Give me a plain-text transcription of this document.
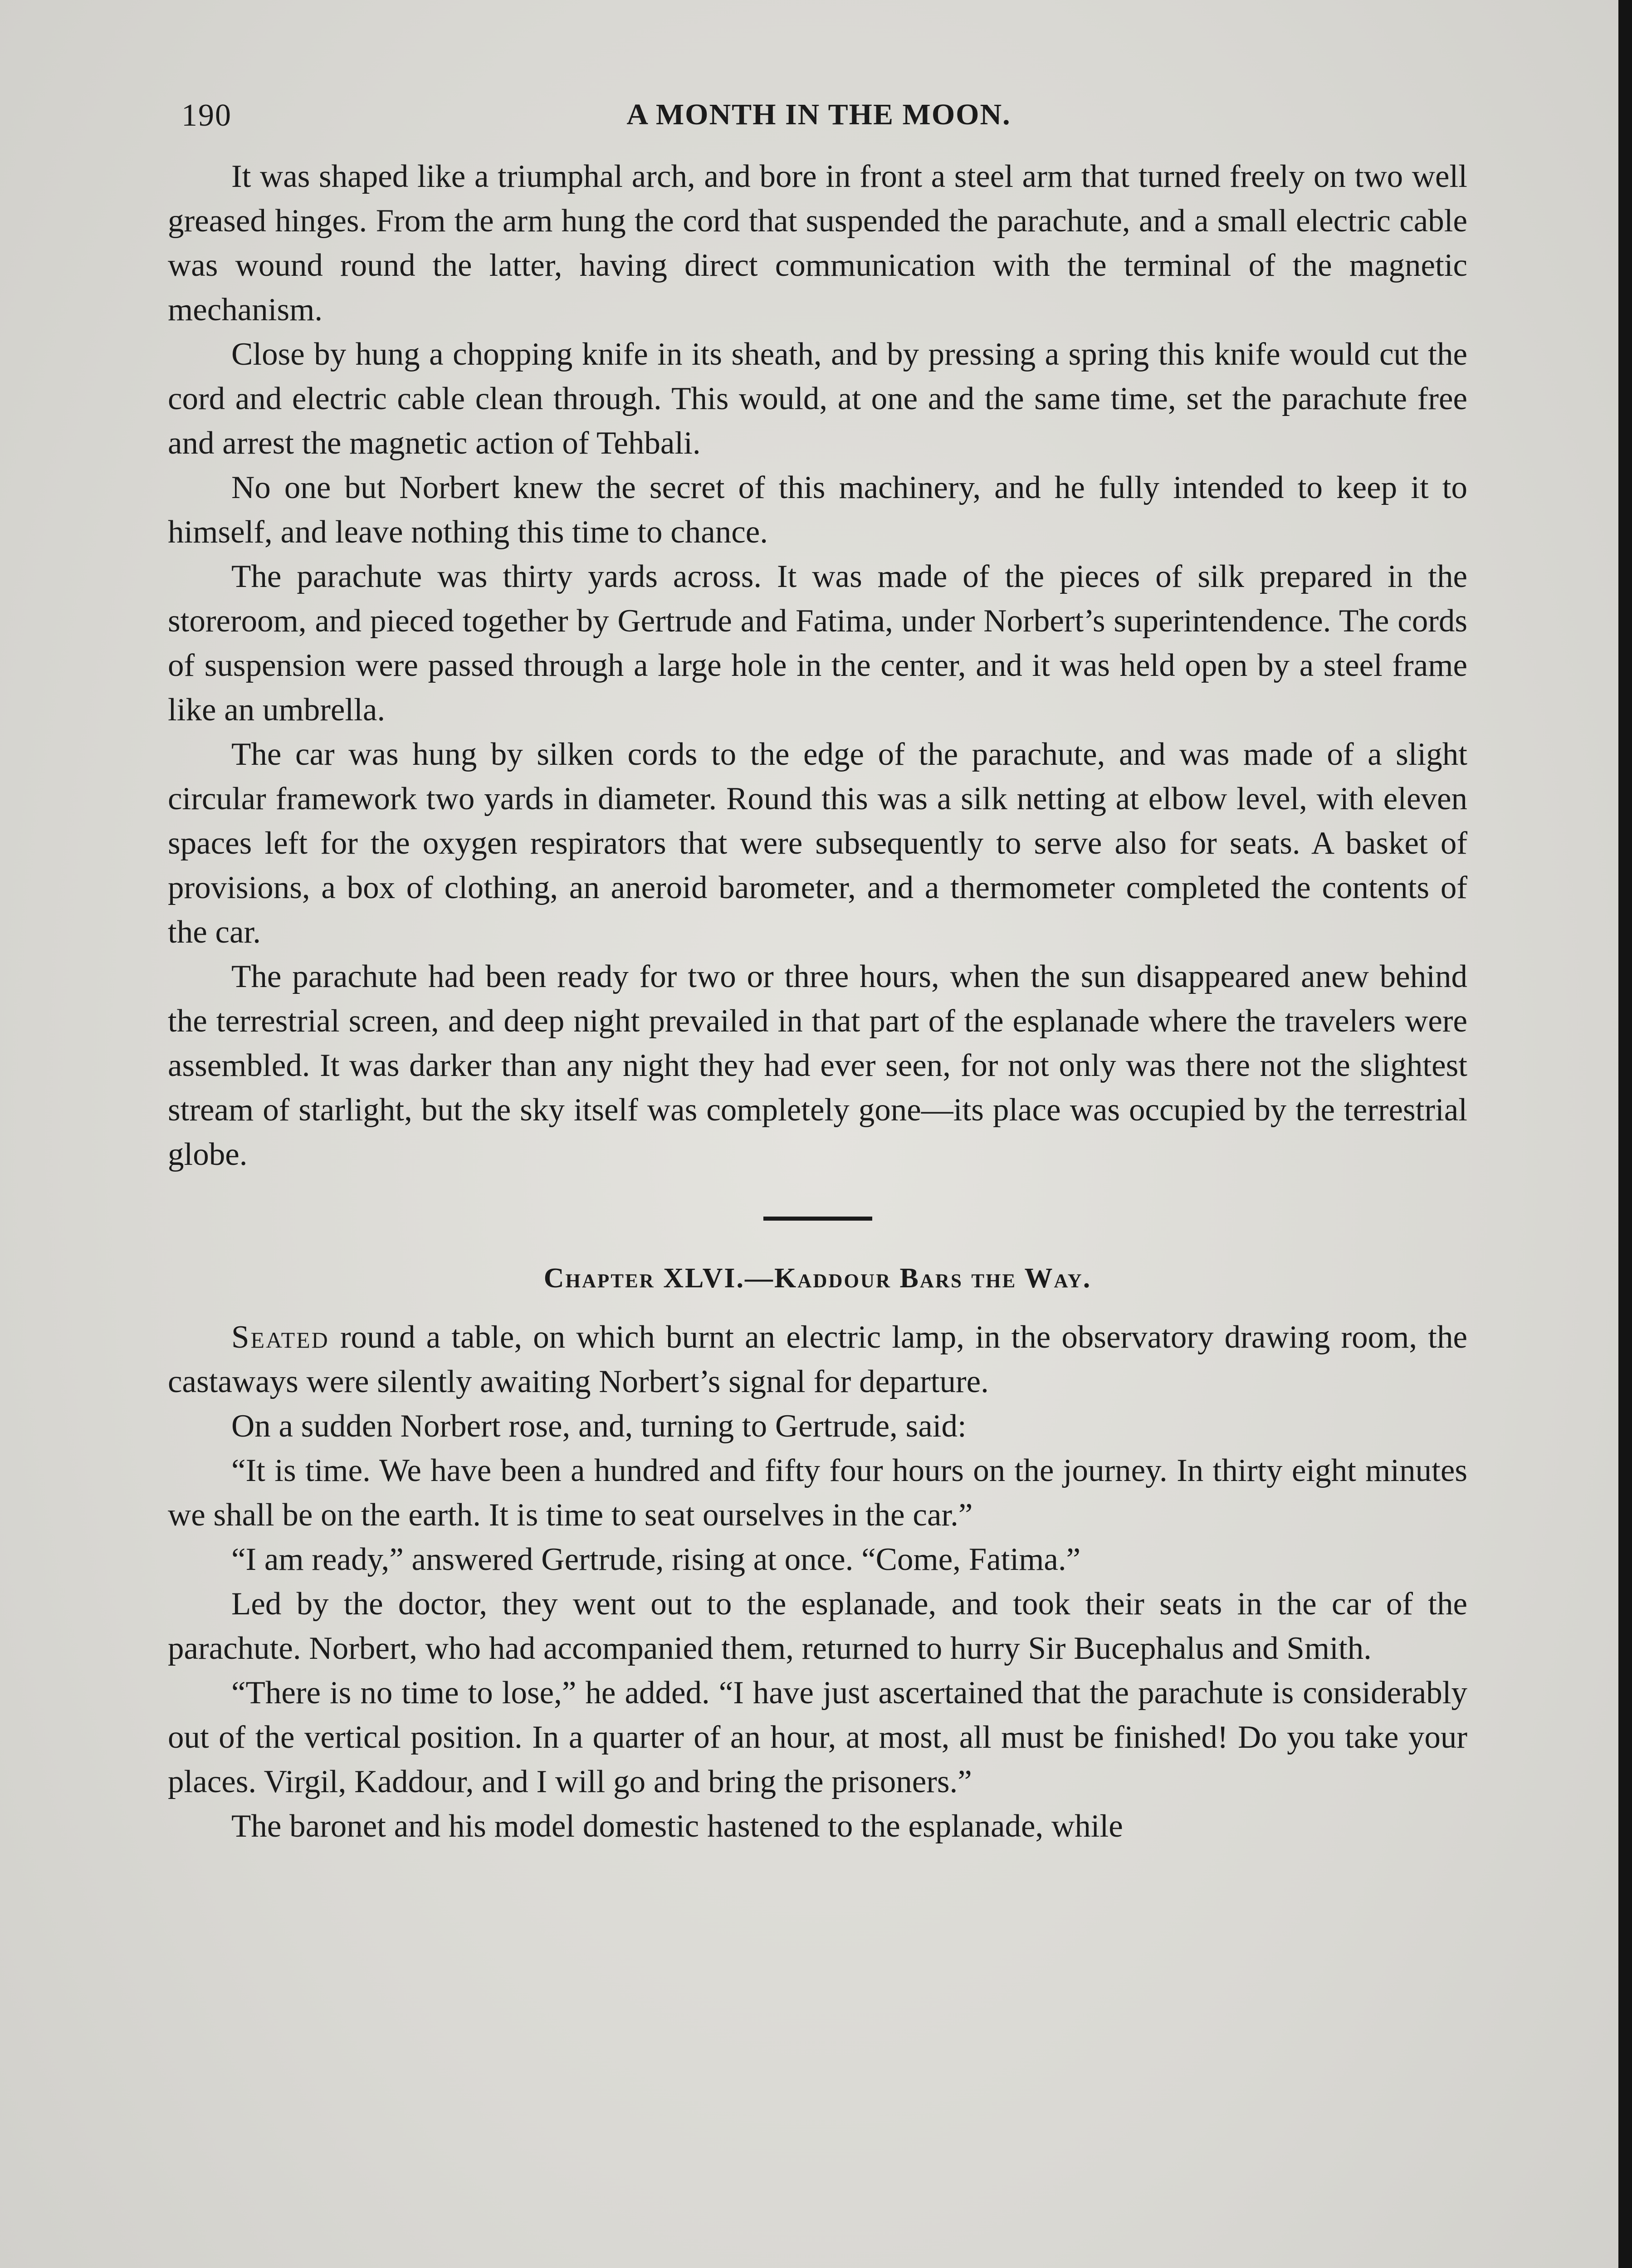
190	A MONTH IN THE MOON.

It was shaped like a triumphal arch, and bore in front a steel arm that turned freely on two well greased hinges. From the arm hung the cord that suspended the parachute, and a small electric cable was wound round the latter, having direct communication with the terminal of the magnetic mechanism.

Close by hung a chopping knife in its sheath, and by pressing a spring this knife would cut the cord and electric cable clean through. This would, at one and the same time, set the parachute free and arrest the magnetic action of Tehbali.

No one but Norbert knew the secret of this machinery, and he fully intended to keep it to himself, and leave nothing this time to chance.

The parachute was thirty yards across. It was made of the pieces of silk prepared in the storeroom, and pieced together by Gertrude and Fatima, under Norbert’s superintendence. The cords of suspension were passed through a large hole in the center, and it was held open by a steel frame like an umbrella.

The car was hung by silken cords to the edge of the parachute, and was made of a slight circular framework two yards in diameter. Round this was a silk netting at elbow level, with eleven spaces left for the oxygen respirators that were subsequently to serve also for seats. A basket of provisions, a box of clothing, an aneroid barometer, and a thermometer completed the contents of the car.

The parachute had been ready for two or three hours, when the sun disappeared anew behind the terrestrial screen, and deep night prevailed in that part of the esplanade where the travelers were assembled. It was darker than any night they had ever seen, for not only was there not the slightest stream of starlight, but the sky itself was completely gone—its place was occupied by the terrestrial globe.

Chapter XLVI.—Kaddour Bars the Way.

Seated round a table, on which burnt an electric lamp, in the observatory drawing room, the castaways were silently awaiting Norbert’s signal for departure.

On a sudden Norbert rose, and, turning to Gertrude, said:

“It is time. We have been a hundred and fifty four hours on the journey. In thirty eight minutes we shall be on the earth. It is time to seat ourselves in the car.”

“I am ready,” answered Gertrude, rising at once. “Come, Fatima.”

Led by the doctor, they went out to the esplanade, and took their seats in the car of the parachute. Norbert, who had accompanied them, returned to hurry Sir Bucephalus and Smith.

“There is no time to lose,” he added. “I have just ascertained that the parachute is considerably out of the vertical position. In a quarter of an hour, at most, all must be finished! Do you take your places. Virgil, Kaddour, and I will go and bring the prisoners.”

The baronet and his model domestic hastened to the esplanade, while
